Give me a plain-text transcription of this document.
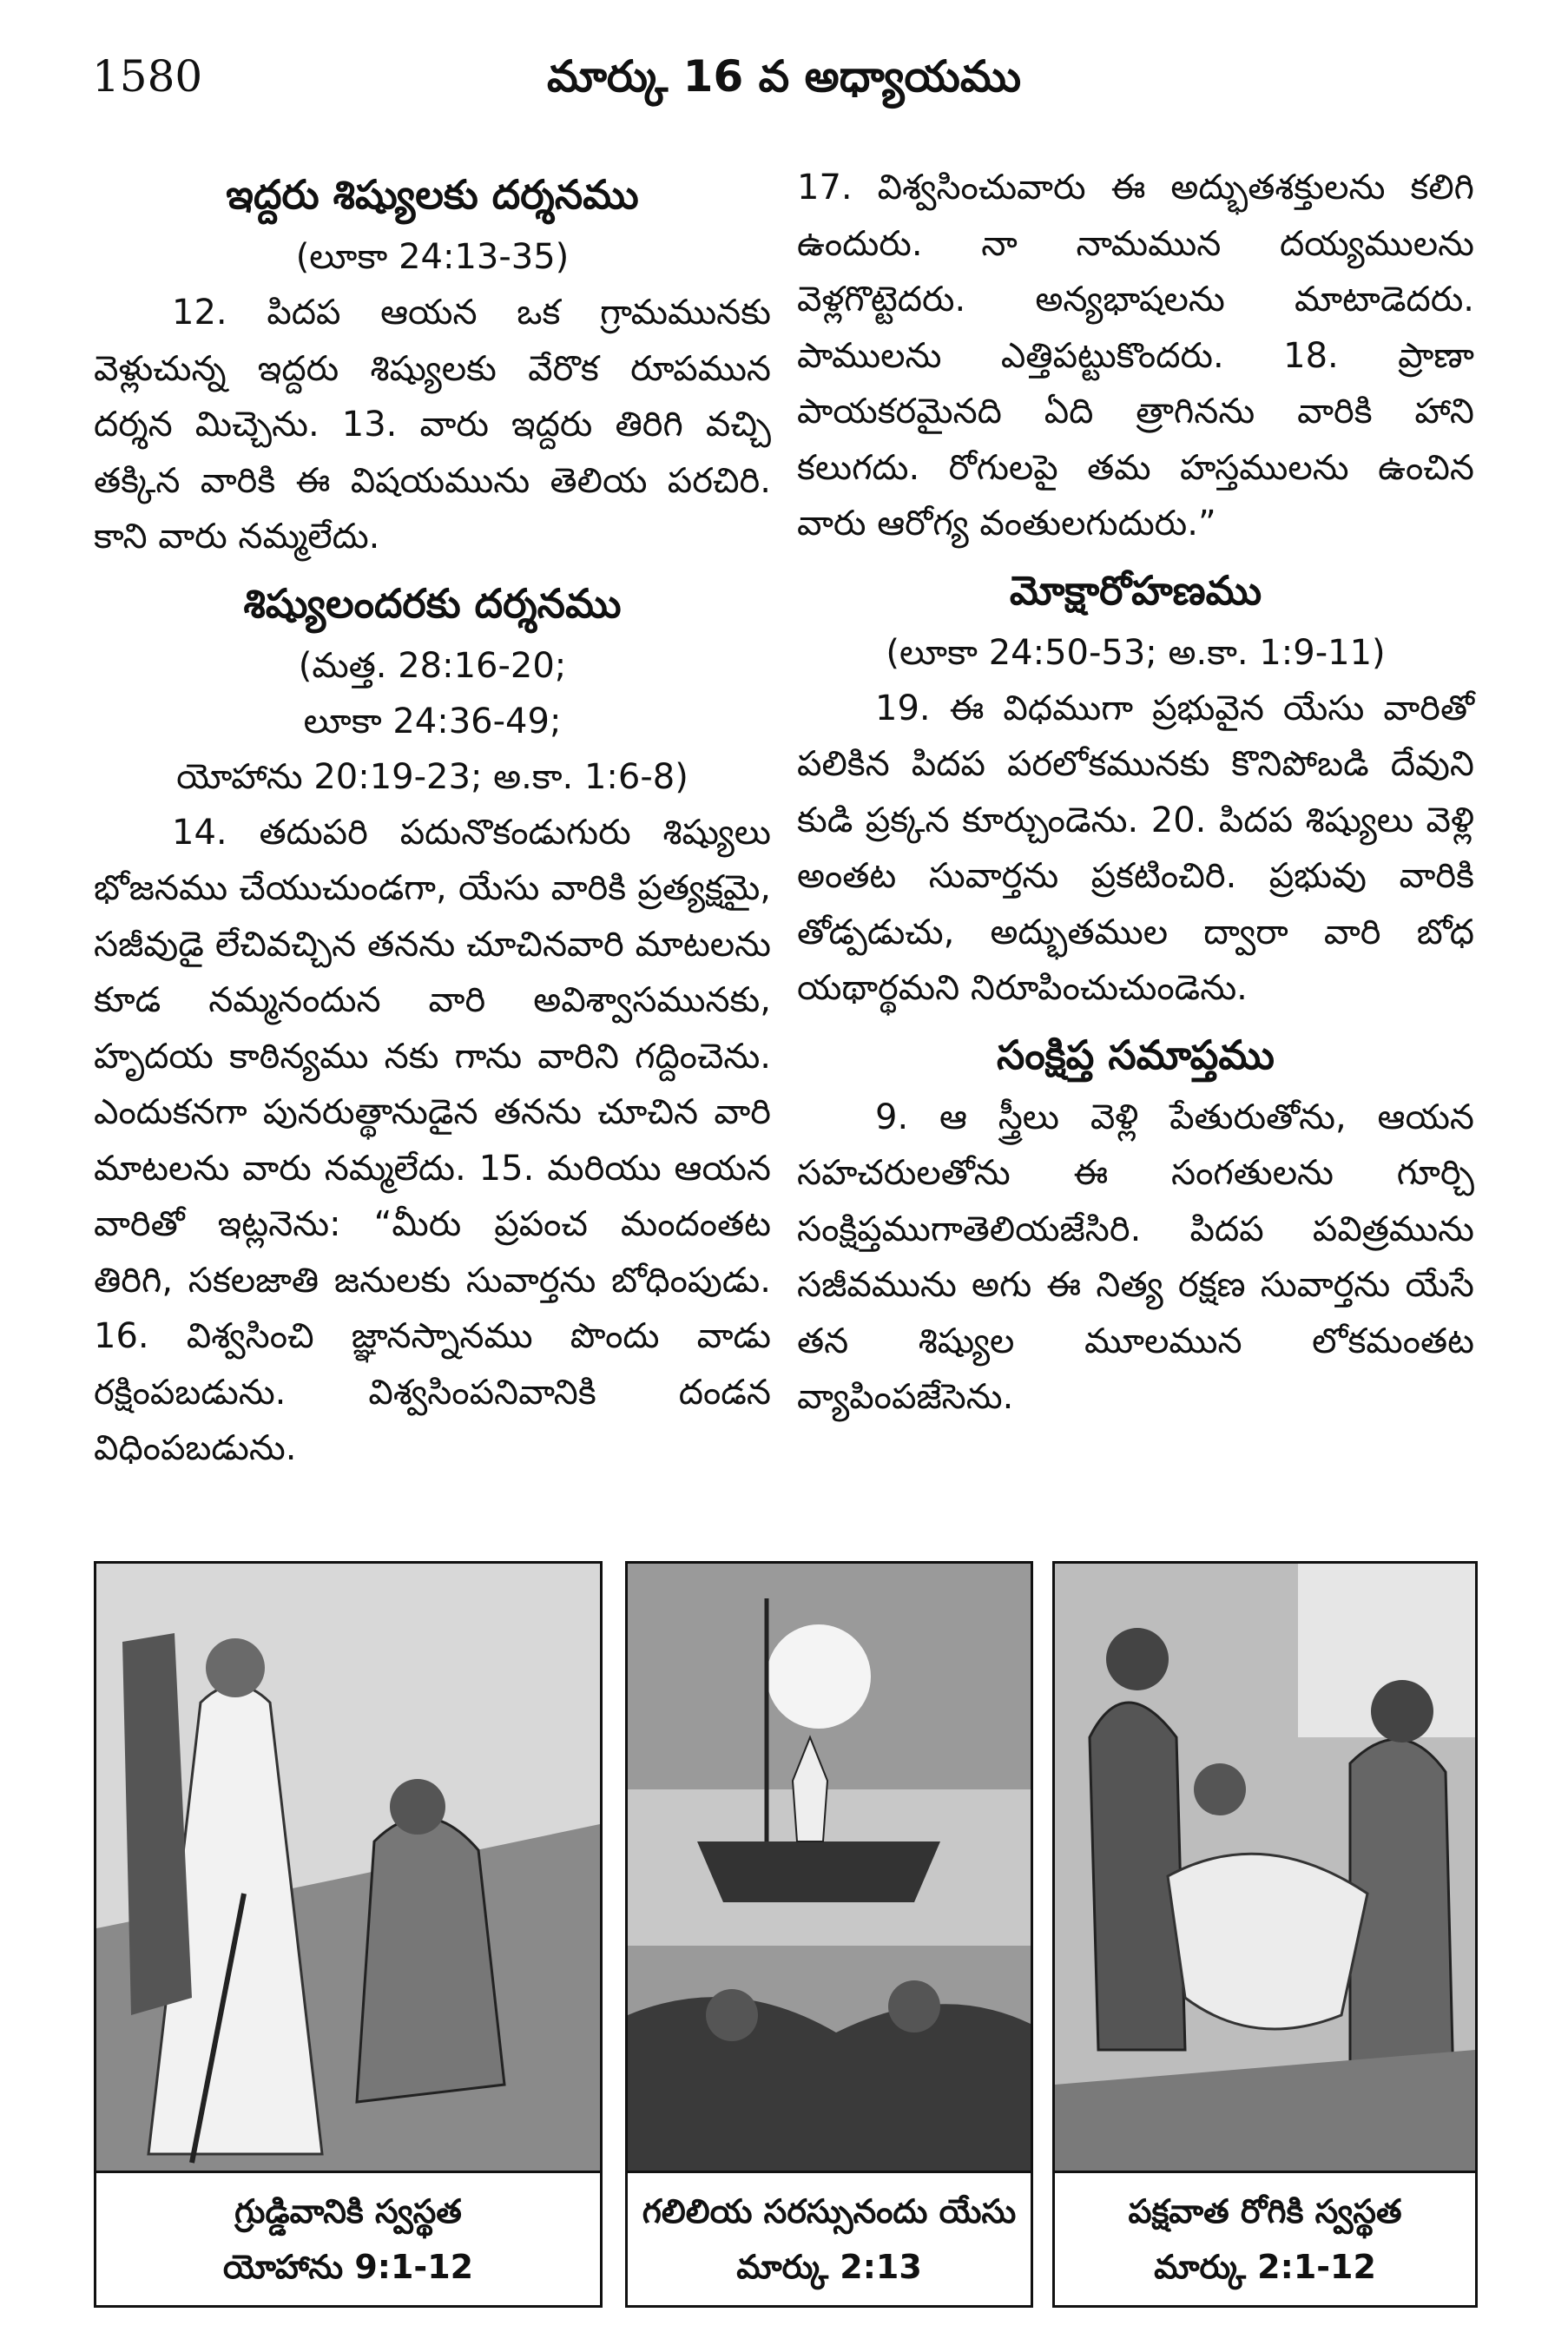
1580	మార్కు 16 వ అధ్యాయము
ఇద్దరు శిష్యులకు దర్శనము
(లూకా 24:13-35)

12. పిదప ఆయన ఒక గ్రామమునకు వెళ్లుచున్న ఇద్దరు శిష్యులకు వేరొక రూపమున దర్శన మిచ్చెను. 13. వారు ఇద్దరు తిరిగి వచ్చి తక్కిన వారికి ఈ విషయమును తెలియ పరచిరి. కాని వారు నమ్మలేదు.

శిష్యులందరకు దర్శనము
(మత్త. 28:16-20;
లూకా 24:36-49;
యోహాను 20:19-23; అ.కా. 1:6-8)

14. తదుపరి పదునొకండుగురు శిష్యులు భోజనము చేయుచుండగా, యేసు వారికి ప్రత్యక్షమై, సజీవుడై లేచివచ్చిన తనను చూచినవారి మాటలను కూడ నమ్మనందున వారి అవిశ్వాసమునకు, హృదయ కాఠిన్యము నకు గాను వారిని గద్దించెను. ఎందుకనగా పునరుత్థానుడైన తనను చూచిన వారి మాటలను వారు నమ్మలేదు. 15. మరియు ఆయన వారితో ఇట్లనెను: “మీరు ప్రపంచ మందంతట తిరిగి, సకలజాతి జనులకు సువార్తను బోధింపుడు. 16. విశ్వసించి జ్ఞానస్నానము పొందు వాడు రక్షింపబడును. విశ్వసింపనివానికి దండన విధింపబడును.

17. విశ్వసించువారు ఈ అద్భుతశక్తులను కలిగి ఉందురు. నా నామమున దయ్యములను వెళ్లగొట్టెదరు. అన్యభాషలను మాటాడెదరు. పాములను ఎత్తిపట్టుకొందరు. 18. ప్రాణా పాయకరమైనది ఏది త్రాగినను వారికి హాని కలుగదు. రోగులపై తమ హస్తములను ఉంచిన వారు ఆరోగ్య వంతులగుదురు.”

మోక్షారోహణము
(లూకా 24:50-53; అ.కా. 1:9-11)

19. ఈ విధముగా ప్రభువైన యేసు వారితో పలికిన పిదప పరలోకమునకు కొనిపోబడి దేవుని కుడి ప్రక్కన కూర్చుండెను. 20. పిదప శిష్యులు వెళ్లి అంతట సువార్తను ప్రకటించిరి. ప్రభువు వారికి తోడ్పడుచు, అద్భుతముల ద్వారా వారి బోధ యథార్థమని నిరూపించుచుండెను.

సంక్షిప్త సమాప్తము

9. ఆ స్త్రీలు వెళ్లి పేతురుతోను, ఆయన సహచరులతోను ఈ సంగతులను గూర్చి సంక్షిప్తముగాతెలియజేసిరి. పిదప పవిత్రమును సజీవమును అగు ఈ నిత్య రక్షణ సువార్తను యేసే తన శిష్యుల మూలమున లోకమంతట వ్యాపింపజేసెను.

గ్రుడ్డివానికి స్వస్థత
యోహాను 9:1-12
గలిలియ సరస్సునందు యేసు
మార్కు 2:13
పక్షవాత రోగికి స్వస్థత
మార్కు 2:1-12
